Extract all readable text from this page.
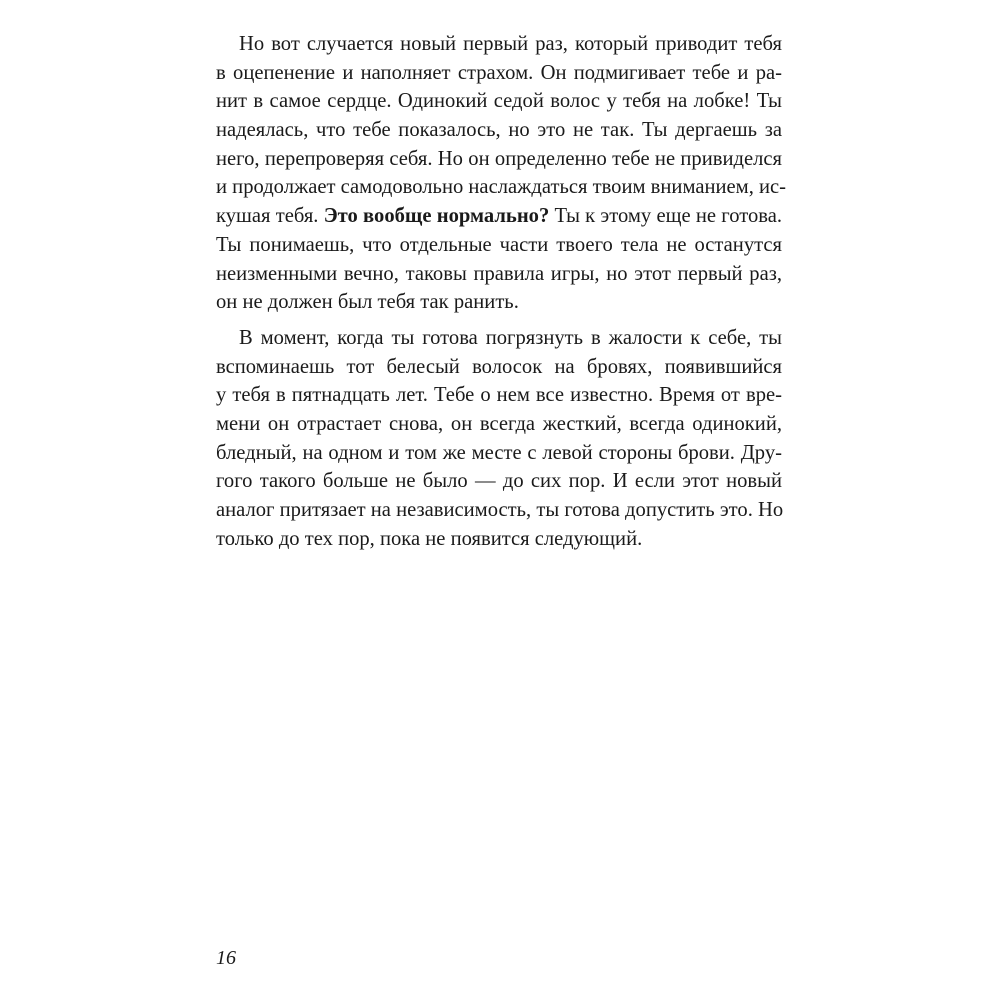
Но вот случается новый первый раз, который приводит тебя
в оцепенение и наполняет страхом. Он подмигивает тебе и ра-
нит в самое сердце. Одинокий седой волос у тебя на лобке! Ты
надеялась, что тебе показалось, но это не так. Ты дергаешь за
него, перепроверяя себя. Но он определенно тебе не привиделся
и продолжает самодовольно наслаждаться твоим вниманием, ис-
кушая тебя. Это вообще нормально? Ты к этому еще не готова.
Ты понимаешь, что отдельные части твоего тела не останутся
неизменными вечно, таковы правила игры, но этот первый раз,
он не должен был тебя так ранить.
В момент, когда ты готова погрязнуть в жалости к себе, ты
вспоминаешь тот белесый волосок на бровях, появившийся
у тебя в пятнадцать лет. Тебе о нем все известно. Время от вре-
мени он отрастает снова, он всегда жесткий, всегда одинокий,
бледный, на одном и том же месте с левой стороны брови. Дру-
гого такого больше не было — до сих пор. И если этот новый
аналог притязает на независимость, ты готова допустить это. Но
только до тех пор, пока не появится следующий.
16
